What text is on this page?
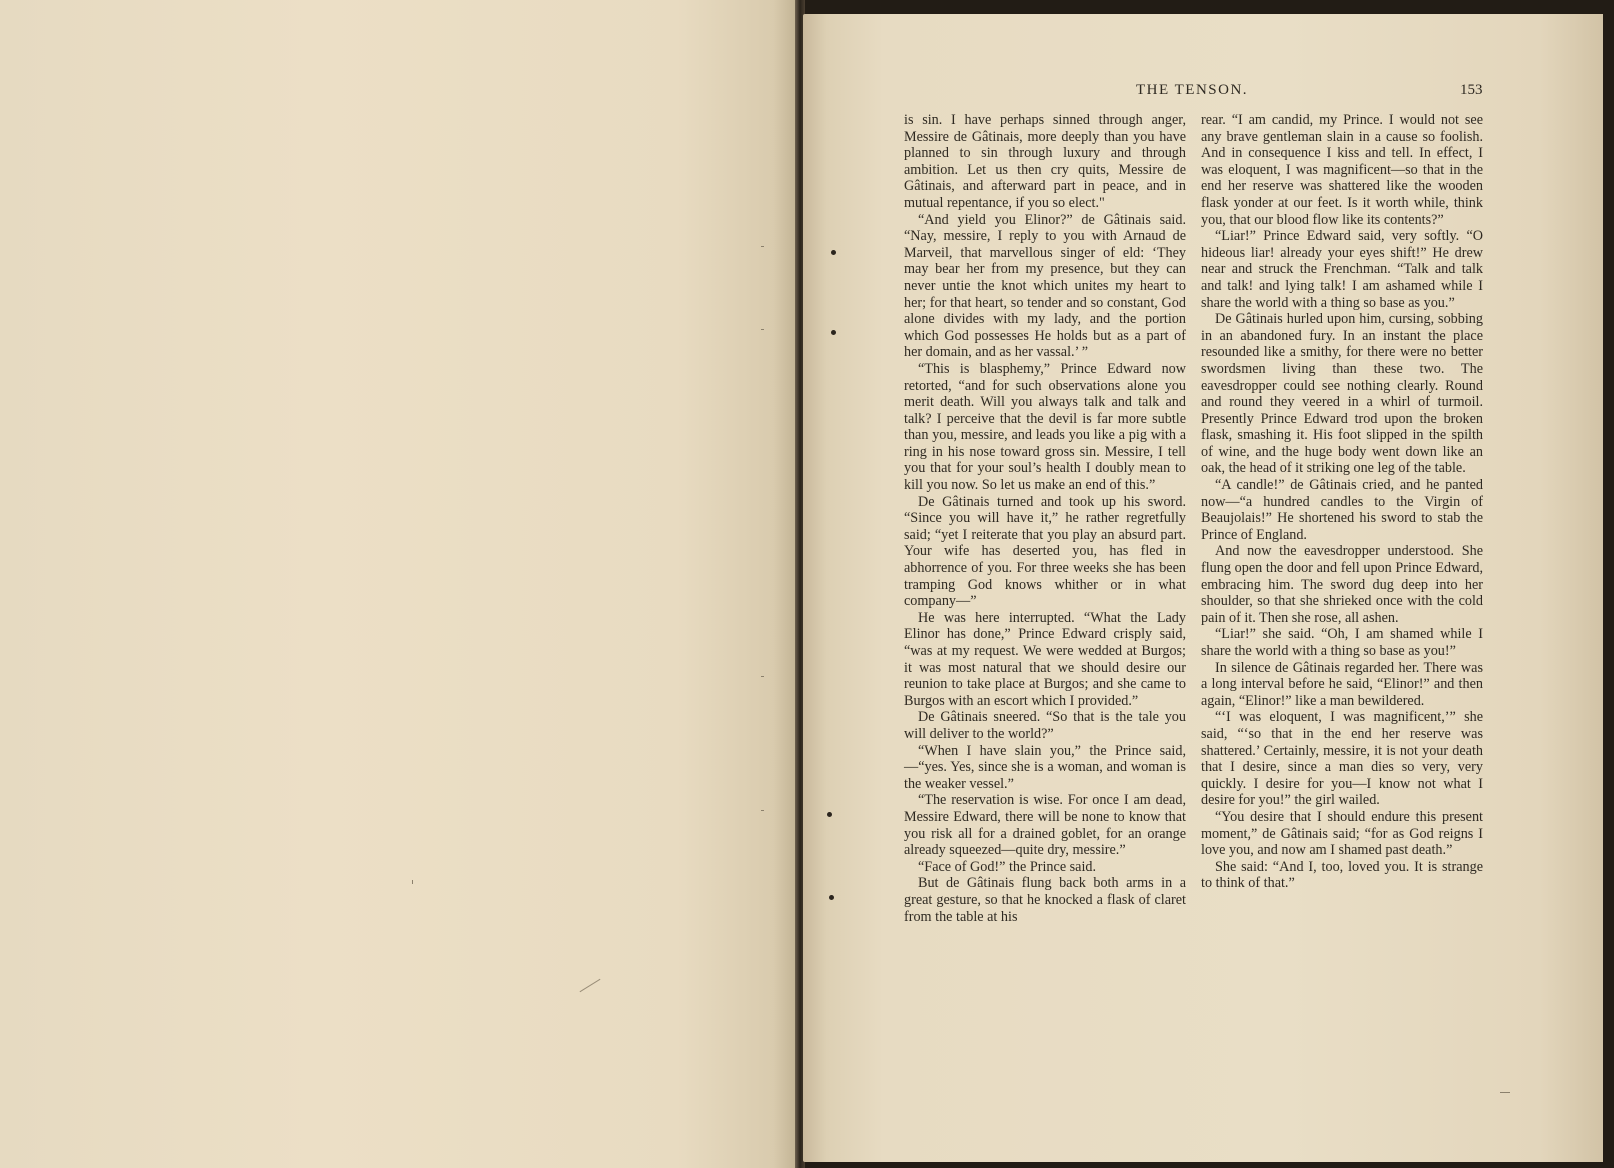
THE TENSON.	153

is sin. I have perhaps sinned through anger, Messire de Gâtinais, more deeply than you have planned to sin through luxury and through ambition. Let us then cry quits, Messire de Gâtinais, and afterward part in peace, and in mutual repentance, if you so elect."

“And yield you Elinor?” de Gâtinais said. “Nay, messire, I reply to you with Arnaud de Marveil, that marvellous singer of eld: ‘They may bear her from my presence, but they can never untie the knot which unites my heart to her; for that heart, so tender and so constant, God alone divides with my lady, and the portion which God possesses He holds but as a part of her domain, and as her vassal.’ ”

“This is blasphemy,” Prince Edward now retorted, “and for such observations alone you merit death. Will you always talk and talk and talk? I perceive that the devil is far more subtle than you, messire, and leads you like a pig with a ring in his nose toward gross sin. Messire, I tell you that for your soul’s health I doubly mean to kill you now. So let us make an end of this.”

De Gâtinais turned and took up his sword. “Since you will have it,” he rather regretfully said; “yet I reiterate that you play an absurd part. Your wife has deserted you, has fled in abhorrence of you. For three weeks she has been tramping God knows whither or in what company—”

He was here interrupted. “What the Lady Elinor has done,” Prince Edward crisply said, “was at my request. We were wedded at Burgos; it was most natural that we should desire our reunion to take place at Burgos; and she came to Burgos with an escort which I provided.”

De Gâtinais sneered. “So that is the tale you will deliver to the world?”

“When I have slain you,” the Prince said,—“yes. Yes, since she is a woman, and woman is the weaker vessel.”

“The reservation is wise. For once I am dead, Messire Edward, there will be none to know that you risk all for a drained goblet, for an orange already squeezed—quite dry, messire.”

“Face of God!” the Prince said.

But de Gâtinais flung back both arms in a great gesture, so that he knocked a flask of claret from the table at his

rear. “I am candid, my Prince. I would not see any brave gentleman slain in a cause so foolish. And in consequence I kiss and tell. In effect, I was eloquent, I was magnificent—so that in the end her reserve was shattered like the wooden flask yonder at our feet. Is it worth while, think you, that our blood flow like its contents?”

“Liar!” Prince Edward said, very softly. “O hideous liar! already your eyes shift!” He drew near and struck the Frenchman. “Talk and talk and talk! and lying talk! I am ashamed while I share the world with a thing so base as you.”

De Gâtinais hurled upon him, cursing, sobbing in an abandoned fury. In an instant the place resounded like a smithy, for there were no better swordsmen living than these two. The eavesdropper could see nothing clearly. Round and round they veered in a whirl of turmoil. Presently Prince Edward trod upon the broken flask, smashing it. His foot slipped in the spilth of wine, and the huge body went down like an oak, the head of it striking one leg of the table.

“A candle!” de Gâtinais cried, and he panted now—“a hundred candles to the Virgin of Beaujolais!” He shortened his sword to stab the Prince of England.

And now the eavesdropper understood. She flung open the door and fell upon Prince Edward, embracing him. The sword dug deep into her shoulder, so that she shrieked once with the cold pain of it. Then she rose, all ashen.

“Liar!” she said. “Oh, I am shamed while I share the world with a thing so base as you!”

In silence de Gâtinais regarded her. There was a long interval before he said, “Elinor!” and then again, “Elinor!” like a man bewildered.

“‘I was eloquent, I was magnificent,’” she said, “‘so that in the end her reserve was shattered.’ Certainly, messire, it is not your death that I desire, since a man dies so very, very quickly. I desire for you—I know not what I desire for you!” the girl wailed.

“You desire that I should endure this present moment,” de Gâtinais said; “for as God reigns I love you, and now am I shamed past death.”

She said: “And I, too, loved you. It is strange to think of that.”
